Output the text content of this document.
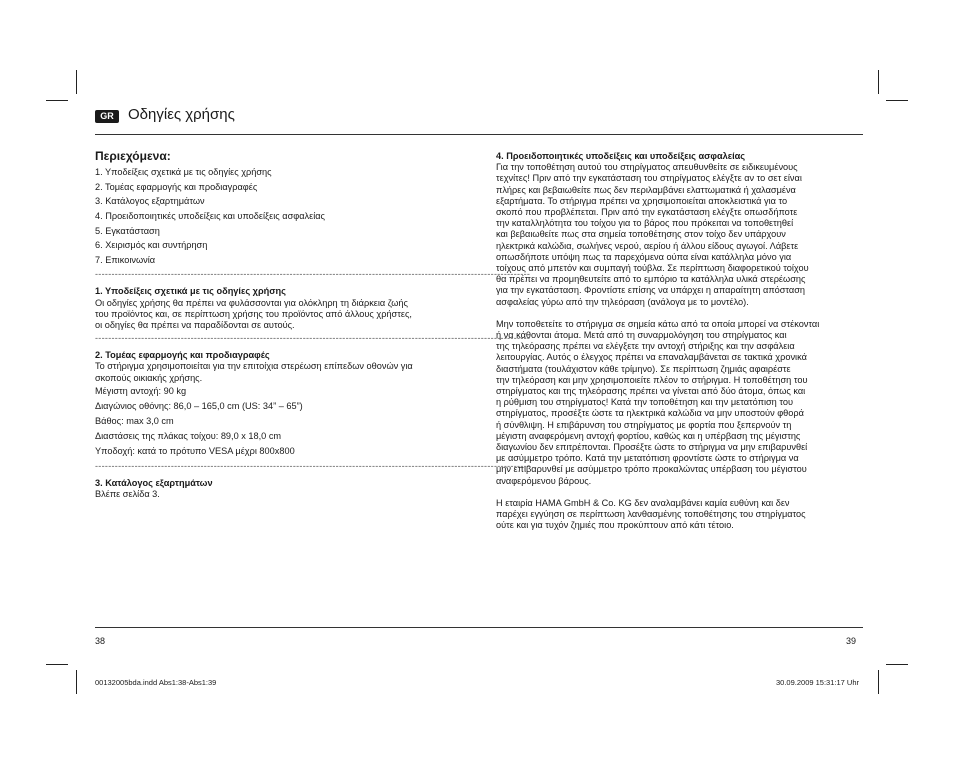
GR Οδηγίες χρήσης
Περιεχόμενα:
1. Υποδείξεις σχετικά με τις οδηγίες χρήσης
2. Τομέας εφαρμογής και προδιαγραφές
3. Κατάλογος εξαρτημάτων
4. Προειδοποιητικές υποδείξεις και υποδείξεις ασφαλείας
5. Εγκατάσταση
6. Χειρισμός και συντήρηση
7. Επικοινωνία
------------------------------------------------------------------------------------------------------------------------------------
1. Υποδείξεις σχετικά με τις οδηγίες χρήσης
Οι οδηγίες χρήσης θα πρέπει να φυλάσσονται για ολόκληρη τη διάρκεια ζωής
του προϊόντος και, σε περίπτωση χρήσης του προϊόντος από άλλους χρήστες,
οι οδηγίες θα πρέπει να παραδίδονται σε αυτούς.
------------------------------------------------------------------------------------------------------------------------------------
2. Τομέας εφαρμογής και προδιαγραφές
Το στήριγμα χρησιμοποιείται για την επιτοίχια στερέωση επίπεδων οθονών για
σκοπούς οικιακής χρήσης.
Μέγιστη αντοχή: 90 kg
Διαγώνιος οθόνης: 86,0 – 165,0 cm (US: 34” – 65”)
Βάθος: max 3,0 cm
Διαστάσεις της πλάκας τοίχου: 89,0 x 18,0 cm
Υποδοχή: κατά το πρότυπο VESA μέχρι 800x800
------------------------------------------------------------------------------------------------------------------------------------
3. Κατάλογος εξαρτημάτων
Βλέπε σελίδα 3.
4. Προειδοποιητικές υποδείξεις και υποδείξεις ασφαλείας
Για την τοποθέτηση αυτού του στηρίγματος απευθυνθείτε σε ειδικευμένους
τεχνίτες! Πριν από την εγκατάσταση του στηρίγματος ελέγξτε αν το σετ είναι
πλήρες και βεβαιωθείτε πως δεν περιλαμβάνει ελαττωματικά ή χαλασμένα
εξαρτήματα. Το στήριγμα πρέπει να χρησιμοποιείται αποκλειστικά για το
σκοπό που προβλέπεται. Πριν από την εγκατάσταση ελέγξτε οπωσδήποτε
την καταλληλότητα του τοίχου για το βάρος που πρόκειται να τοποθετηθεί
και βεβαιωθείτε πως στα σημεία τοποθέτησης στον τοίχο δεν υπάρχουν
ηλεκτρικά καλώδια, σωλήνες νερού, αερίου ή άλλου είδους αγωγοί. Λάβετε
οπωσδήποτε υπόψη πως τα παρεχόμενα ούπα είναι κατάλληλα μόνο για
τοίχους από μπετόν και συμπαγή τούβλα. Σε περίπτωση διαφορετικού τοίχου
θα πρέπει να προμηθευτείτε από το εμπόριο τα κατάλληλα υλικά στερέωσης
για την εγκατάσταση. Φροντίστε επίσης να υπάρχει η απαραίτητη απόσταση
ασφαλείας γύρω από την τηλεόραση (ανάλογα με το μοντέλο).
Μην τοποθετείτε το στήριγμα σε σημεία κάτω από τα οποία μπορεί να στέκονται
ή να κάθονται άτομα. Μετά από τη συναρμολόγηση του στηρίγματος και
της τηλεόρασης πρέπει να ελέγξετε την αντοχή στήριξης και την ασφάλεια
λειτουργίας. Αυτός ο έλεγχος πρέπει να επαναλαμβάνεται σε τακτικά χρονικά
διαστήματα (τουλάχιστον κάθε τρίμηνο). Σε περίπτωση ζημιάς αφαιρέστε
την τηλεόραση και μην χρησιμοποιείτε πλέον το στήριγμα. Η τοποθέτηση του
στηρίγματος και της τηλεόρασης πρέπει να γίνεται από δύο άτομα, όπως και
η ρύθμιση του στηρίγματος! Κατά την τοποθέτηση και την μετατόπιση του
στηρίγματος, προσέξτε ώστε τα ηλεκτρικά καλώδια να μην υποστούν φθορά
ή σύνθλιψη. Η επιβάρυνση του στηρίγματος με φορτία που ξεπερνούν τη
μέγιστη αναφερόμενη αντοχή φορτίου, καθώς και η υπέρβαση της μέγιστης
διαγωνίου δεν επιτρέπονται. Προσέξτε ώστε το στήριγμα να μην επιβαρυνθεί
με ασύμμετρο τρόπο. Κατά την μετατόπιση φροντίστε ώστε το στήριγμα να
μην επιβαρυνθεί με ασύμμετρο τρόπο προκαλώντας υπέρβαση του μέγιστου
αναφερόμενου βάρους.
Η εταιρία HAMA GmbH & Co. KG δεν αναλαμβάνει καμία ευθύνη και δεν
παρέχει εγγύηση σε περίπτωση λανθασμένης τοποθέτησης του στηρίγματος
ούτε και για τυχόν ζημιές που προκύπτουν από κάτι τέτοιο.
38	39
00132005bda.indd Abs1:38-Abs1:39	30.09.2009 15:31:17 Uhr
